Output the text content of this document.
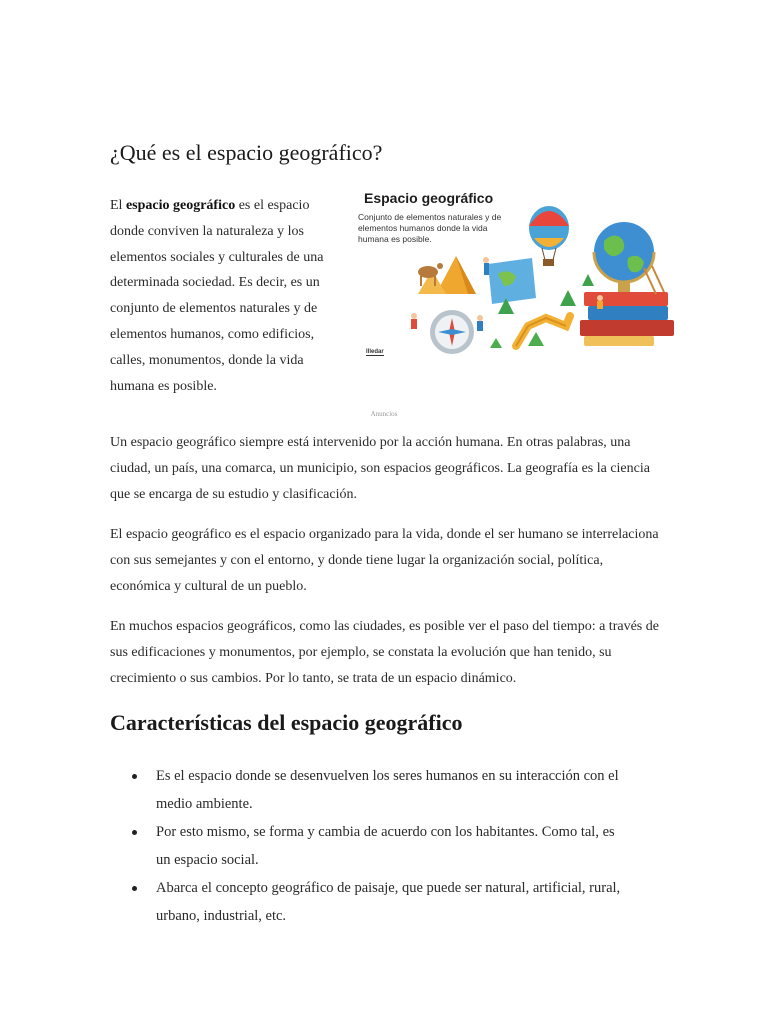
¿Qué es el espacio geográfico?

El espacio geográfico es el espacio donde conviven la naturaleza y los elementos sociales y culturales de una determinada sociedad. Es decir, es un conjunto de elementos naturales y de elementos humanos, como edificios, calles, monumentos, donde la vida humana es posible.

Espacio geográfico

Conjunto de elementos naturales y de elementos humanos donde la vida humana es posible.

Illedar
Anuncios

Un espacio geográfico siempre está intervenido por la acción humana. En otras palabras, una ciudad, un país, una comarca, un municipio, son espacios geográficos. La geografía es la ciencia que se encarga de su estudio y clasificación.

El espacio geográfico es el espacio organizado para la vida, donde el ser humano se interrelaciona con sus semejantes y con el entorno, y donde tiene lugar la organización social, política, económica y cultural de un pueblo.

En muchos espacios geográficos, como las ciudades, es posible ver el paso del tiempo: a través de sus edificaciones y monumentos, por ejemplo, se constata la evolución que han tenido, su crecimiento o sus cambios. Por lo tanto, se trata de un espacio dinámico.

Características del espacio geográfico
Es el espacio donde se desenvuelven los seres humanos en su interacción con el medio ambiente.
Por esto mismo, se forma y cambia de acuerdo con los habitantes. Como tal, es un espacio social.
Abarca el concepto geográfico de paisaje, que puede ser natural, artificial, rural, urbano, industrial, etc.
